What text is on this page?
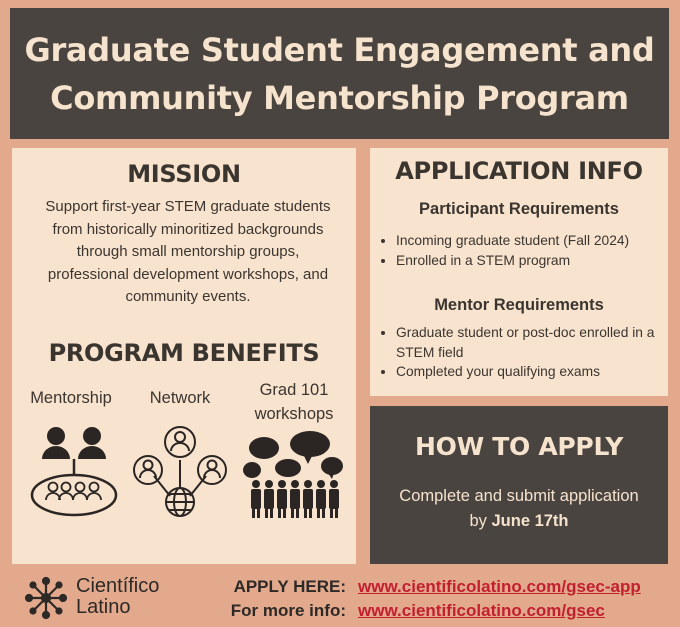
Graduate Student Engagement and
Community Mentorship Program
MISSION
Support first-year STEM graduate students from historically minoritized backgrounds through small mentorship groups, professional development workshops, and community events.
PROGRAM BENEFITS
Mentorship	Network	Grad 101 workshops
APPLICATION INFO
Participant Requirements
• Incoming graduate student (Fall 2024)
• Enrolled in a STEM program
Mentor Requirements
• Graduate student or post-doc enrolled in a STEM field
• Completed your qualifying exams
HOW TO APPLY
Complete and submit application
by June 17th
Científico
Latino
APPLY HERE: www.cientificolatino.com/gsec-app
For more info: www.cientificolatino.com/gsec
